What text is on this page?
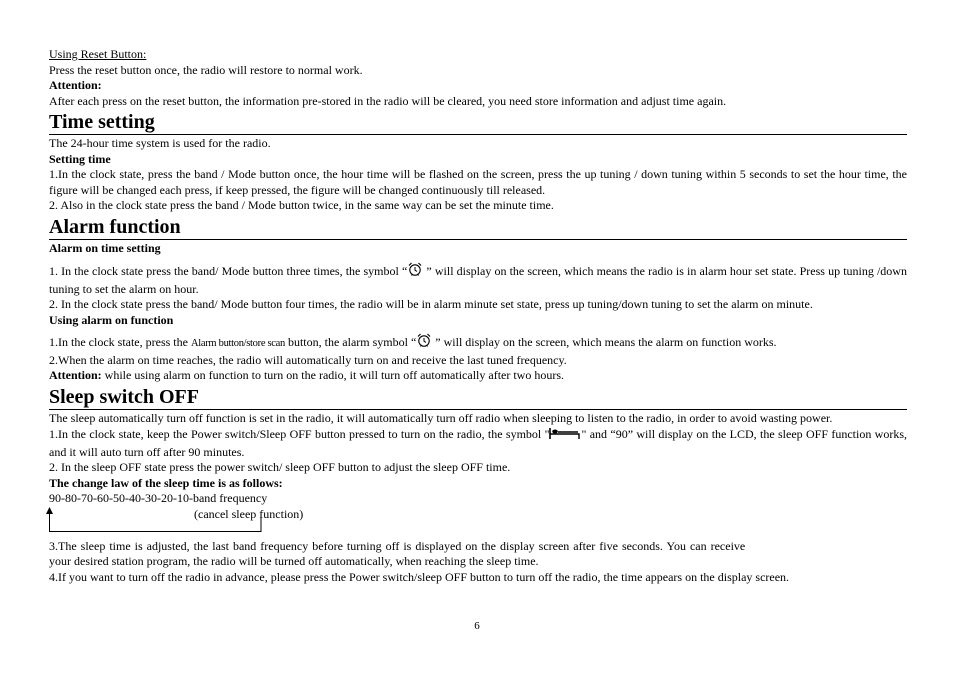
Using Reset Button:

Press the reset button once, the radio will restore to normal work.

Attention:

After each press on the reset button, the information pre-stored in the radio will be cleared, you need store information and adjust time again.

Time setting

The 24-hour time system is used for the radio.

Setting time

1.In the clock state, press the band / Mode button once, the hour time will be flashed on the screen, press the up tuning / down tuning within 5 seconds to set the hour time, the figure will be changed each press, if keep pressed, the figure will be changed continuously till released.

2. Also in the clock state press the band / Mode button twice, in the same way can be set the minute time.

Alarm function

Alarm on time setting

1. In the clock state press the band/ Mode button three times, the symbol “ ” will display on the screen, which means the radio is in alarm hour set state. Press up tuning /down tuning to set the alarm on hour.

2. In the clock state press the band/ Mode button four times, the radio will be in alarm minute set state, press up tuning/down tuning to set the alarm on minute.

Using alarm on function

1.In the clock state, press the Alarm button/store scan button, the alarm symbol “ ” will display on the screen, which means the alarm on function works.

2.When the alarm on time reaches, the radio will automatically turn on and receive the last tuned frequency.

Attention: while using alarm on function to turn on the radio, it will turn off automatically after two hours.

Sleep switch OFF

The sleep automatically turn off function is set in the radio, it will automatically turn off radio when sleeping to listen to the radio, in order to avoid wasting power.

1.In the clock state, keep the Power switch/Sleep OFF button pressed to turn on the radio, the symbol "	" and “90” will display on the LCD, the sleep OFF function works, and it will auto turn off after 90 minutes.

2. In the sleep OFF state press the power switch/ sleep OFF button to adjust the sleep OFF time.

The change law of the sleep time is as follows:

90-80-70-60-50-40-30-20-10-band frequency

(cancel sleep function)

3.The sleep time is adjusted, the last band frequency before turning off is displayed on the display screen after five seconds. You can receive

your desired station program, the radio will be turned off automatically, when reaching the sleep time.

4.If you want to turn off the radio in advance, please press the Power switch/sleep OFF button to turn off the radio, the time appears on the display screen.

6
